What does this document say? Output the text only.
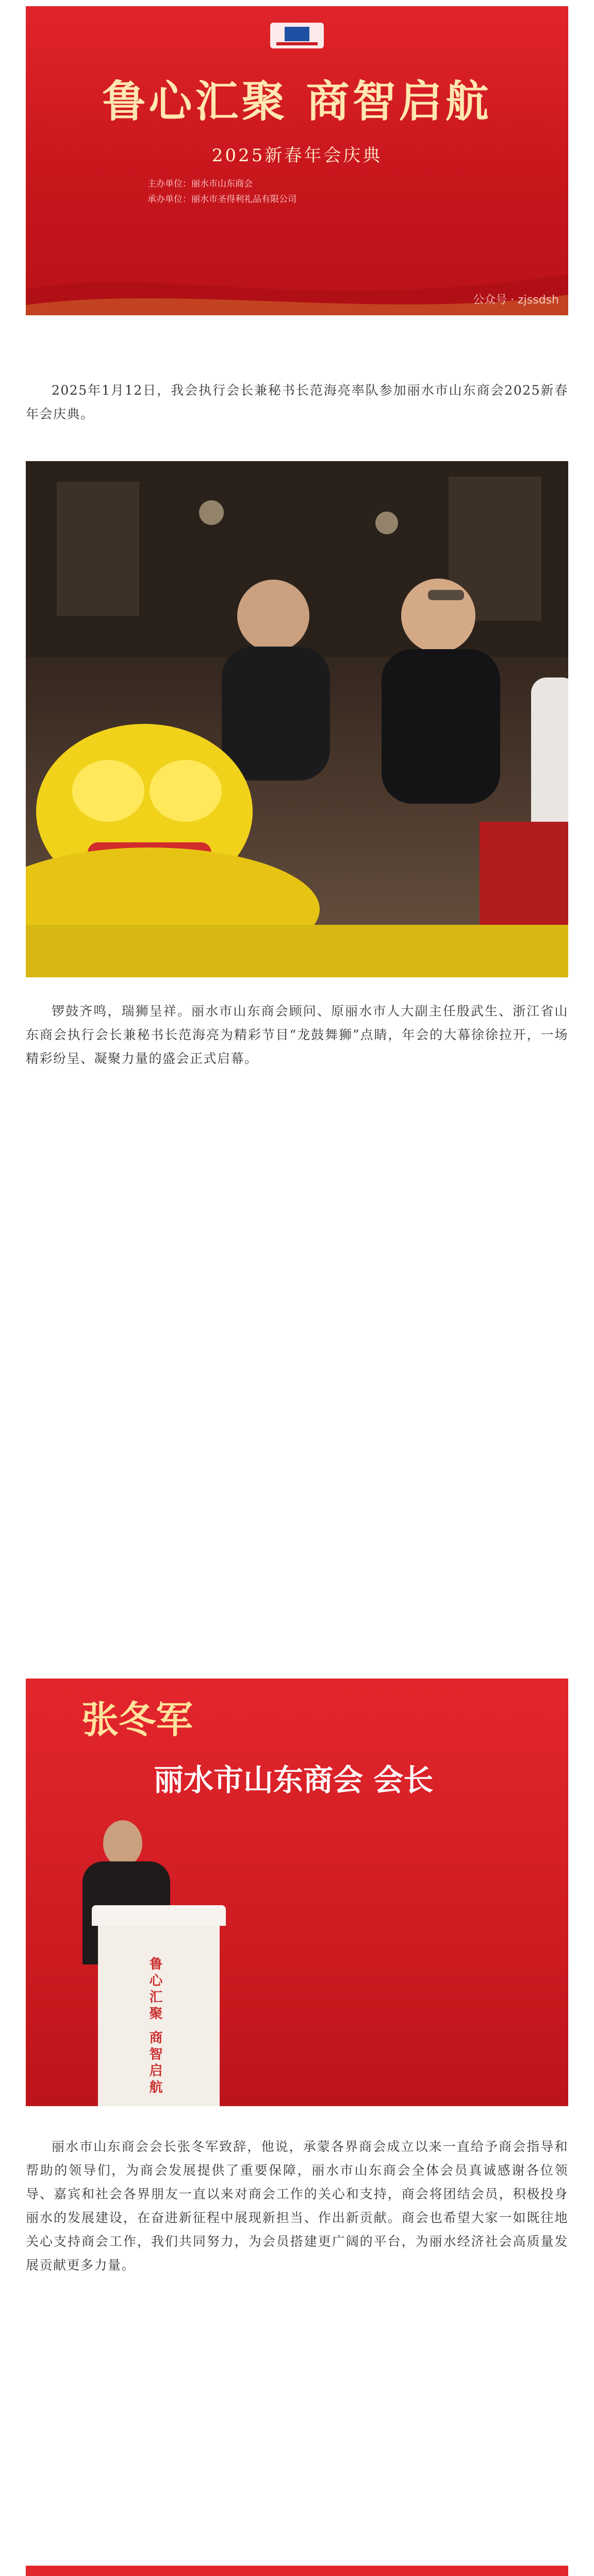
鲁心汇聚 商智启航
2025新春年会庆典
主办单位：丽水市山东商会
承办单位：丽水市圣得利礼品有限公司
公众号 · zjssdsh

2025年1月12日，我会执行会长兼秘书长范海亮率队参加丽水市山东商会2025新春年会庆典。

锣鼓齐鸣，瑞狮呈祥。丽水市山东商会顾问、原丽水市人大副主任殷武生、浙江省山东商会执行会长兼秘书长范海亮为精彩节目“龙鼓舞狮”点睛，年会的大幕徐徐拉开，一场精彩纷呈、凝聚力量的盛会正式启幕。

张冬军
丽水市山东商会 会长
鲁心汇聚 商智启航

丽水市山东商会会长张冬军致辞，他说，承蒙各界商会成立以来一直给予商会指导和帮助的领导们，为商会发展提供了重要保障，丽水市山东商会全体会员真诚感谢各位领导、嘉宾和社会各界朋友一直以来对商会工作的关心和支持，商会将团结会员，积极投身丽水的发展建设，在奋进新征程中展现新担当、作出新贡献。商会也希望大家一如既往地关心支持商会工作，我们共同努力，为会员搭建更广阔的平台，为丽水经济社会高质量发展贡献更多力量。
